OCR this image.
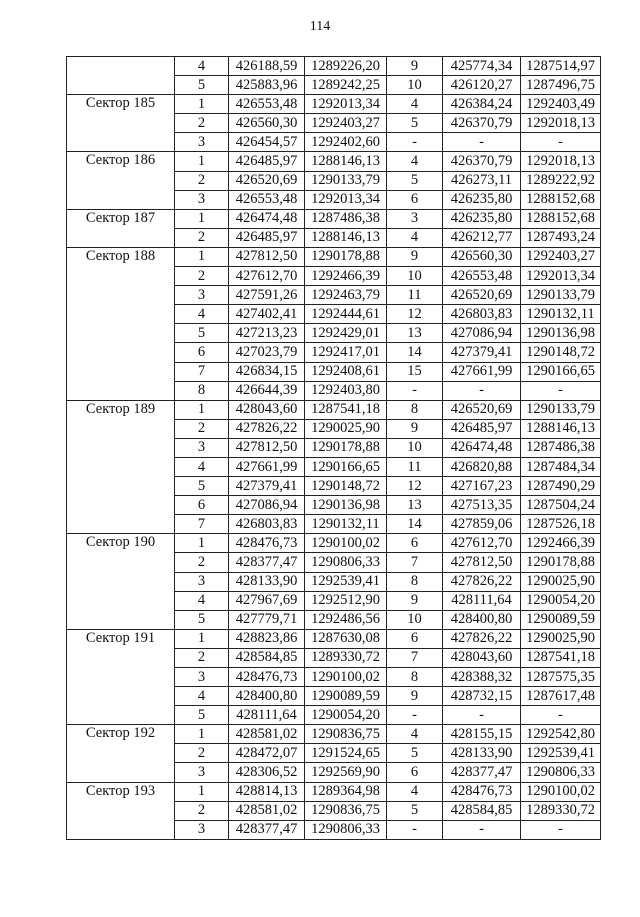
114
	4	426188,59	1289226,20	9	425774,34	1287514,97
	5	425883,96	1289242,25	10	426120,27	1287496,75
Сектор 185	1	426553,48	1292013,34	4	426384,24	1292403,49
	2	426560,30	1292403,27	5	426370,79	1292018,13
	3	426454,57	1292402,60	-	-	-
Сектор 186	1	426485,97	1288146,13	4	426370,79	1292018,13
	2	426520,69	1290133,79	5	426273,11	1289222,92
	3	426553,48	1292013,34	6	426235,80	1288152,68
Сектор 187	1	426474,48	1287486,38	3	426235,80	1288152,68
	2	426485,97	1288146,13	4	426212,77	1287493,24
Сектор 188	1	427812,50	1290178,88	9	426560,30	1292403,27
	2	427612,70	1292466,39	10	426553,48	1292013,34
	3	427591,26	1292463,79	11	426520,69	1290133,79
	4	427402,41	1292444,61	12	426803,83	1290132,11
	5	427213,23	1292429,01	13	427086,94	1290136,98
	6	427023,79	1292417,01	14	427379,41	1290148,72
	7	426834,15	1292408,61	15	427661,99	1290166,65
	8	426644,39	1292403,80	-	-	-
Сектор 189	1	428043,60	1287541,18	8	426520,69	1290133,79
	2	427826,22	1290025,90	9	426485,97	1288146,13
	3	427812,50	1290178,88	10	426474,48	1287486,38
	4	427661,99	1290166,65	11	426820,88	1287484,34
	5	427379,41	1290148,72	12	427167,23	1287490,29
	6	427086,94	1290136,98	13	427513,35	1287504,24
	7	426803,83	1290132,11	14	427859,06	1287526,18
Сектор 190	1	428476,73	1290100,02	6	427612,70	1292466,39
	2	428377,47	1290806,33	7	427812,50	1290178,88
	3	428133,90	1292539,41	8	427826,22	1290025,90
	4	427967,69	1292512,90	9	428111,64	1290054,20
	5	427779,71	1292486,56	10	428400,80	1290089,59
Сектор 191	1	428823,86	1287630,08	6	427826,22	1290025,90
	2	428584,85	1289330,72	7	428043,60	1287541,18
	3	428476,73	1290100,02	8	428388,32	1287575,35
	4	428400,80	1290089,59	9	428732,15	1287617,48
	5	428111,64	1290054,20	-	-	-
Сектор 192	1	428581,02	1290836,75	4	428155,15	1292542,80
	2	428472,07	1291524,65	5	428133,90	1292539,41
	3	428306,52	1292569,90	6	428377,47	1290806,33
Сектор 193	1	428814,13	1289364,98	4	428476,73	1290100,02
	2	428581,02	1290836,75	5	428584,85	1289330,72
	3	428377,47	1290806,33	-	-	-
